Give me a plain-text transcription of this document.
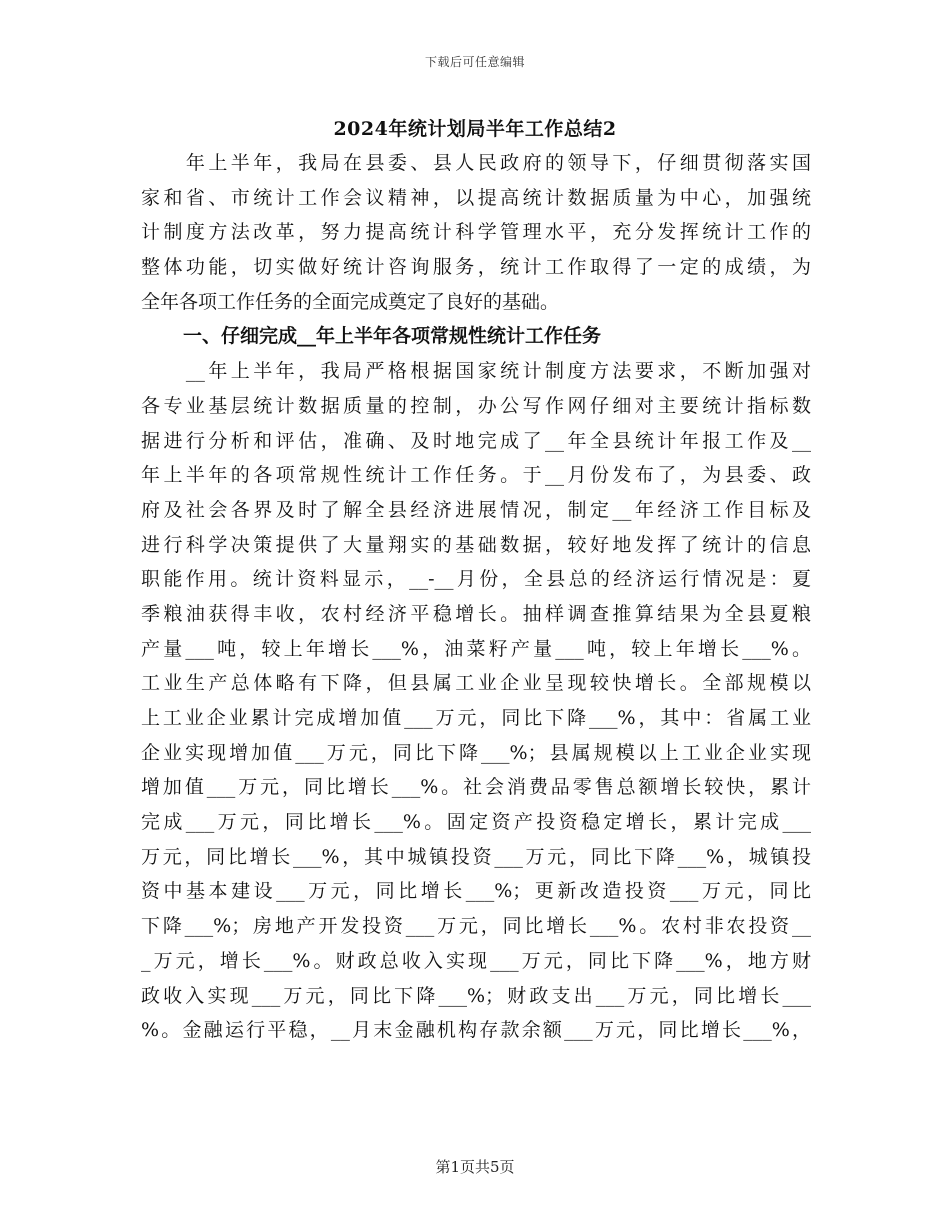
下载后可任意编辑
2024年统计划局半年工作总结2
　　年上半年，我局在县委、县人民政府的领导下，仔细贯彻落实国
家和省、市统计工作会议精神，以提高统计数据质量为中心，加强统
计制度方法改革，努力提高统计科学管理水平，充分发挥统计工作的
整体功能，切实做好统计咨询服务，统计工作取得了一定的成绩，为
全年各项工作任务的全面完成奠定了良好的基础。
一、仔细完成__年上半年各项常规性统计工作任务
　　__年上半年，我局严格根据国家统计制度方法要求，不断加强对
各专业基层统计数据质量的控制，办公写作网仔细对主要统计指标数
据进行分析和评估，准确、及时地完成了__年全县统计年报工作及__
年上半年的各项常规性统计工作任务。于__月份发布了，为县委、政
府及社会各界及时了解全县经济进展情况，制定__年经济工作目标及
进行科学决策提供了大量翔实的基础数据，较好地发挥了统计的信息
职能作用。统计资料显示，__-__月份，全县总的经济运行情况是：夏
季粮油获得丰收，农村经济平稳增长。抽样调查推算结果为全县夏粮
产量___吨，较上年增长___%，油菜籽产量___吨，较上年增长___%。
工业生产总体略有下降，但县属工业企业呈现较快增长。全部规模以
上工业企业累计完成增加值___万元，同比下降___%，其中：省属工业
企业实现增加值___万元，同比下降___%；县属规模以上工业企业实现
增加值___万元，同比增长___%。社会消费品零售总额增长较快，累计
完成___万元，同比增长___%。固定资产投资稳定增长，累计完成___
万元，同比增长___%，其中城镇投资___万元，同比下降___%，城镇投
资中基本建设___万元，同比增长___%；更新改造投资___万元，同比
下降___%；房地产开发投资___万元，同比增长___%。农村非农投资__
_万元，增长___%。财政总收入实现___万元，同比下降___%，地方财
政收入实现___万元，同比下降___%；财政支出___万元，同比增长___
%。金融运行平稳，__月末金融机构存款余额___万元，同比增长___%，
第1页共5页
